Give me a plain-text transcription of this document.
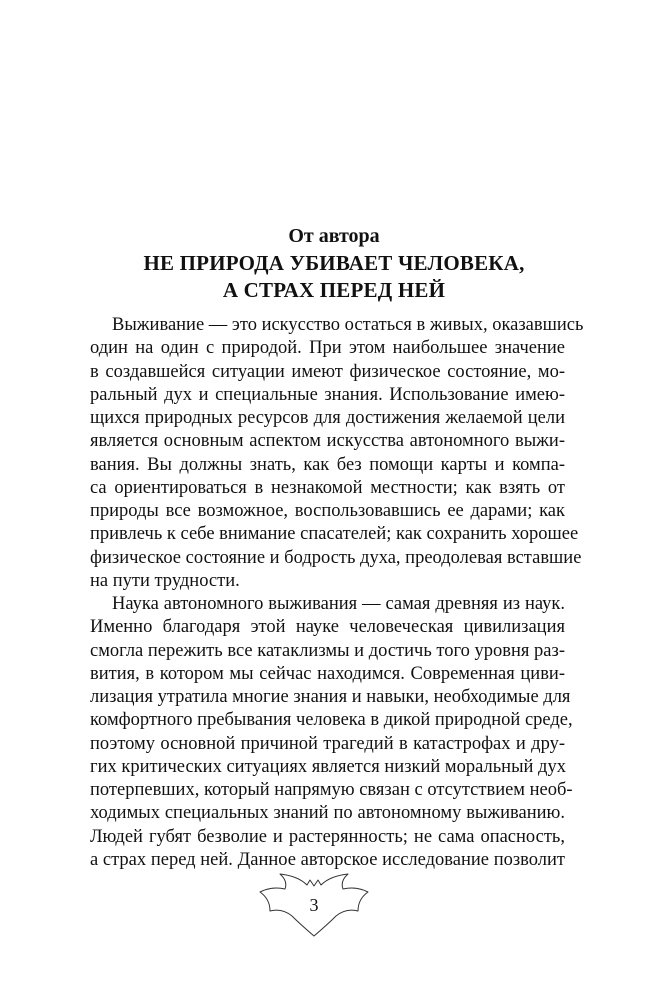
От автора
НЕ ПРИРОДА УБИВАЕТ ЧЕЛОВЕКА,
А СТРАХ ПЕРЕД НЕЙ
Выживание — это искусство остаться в живых, оказавшись
один на один с природой. При этом наибольшее значение
в создавшейся ситуации имеют физическое состояние, мо-
ральный дух и специальные знания. Использование имею-
щихся природных ресурсов для достижения желаемой цели
является основным аспектом искусства автономного выжи-
вания. Вы должны знать, как без помощи карты и компа-
са ориентироваться в незнакомой местности; как взять от
природы все возможное, воспользовавшись ее дарами; как
привлечь к себе внимание спасателей; как сохранить хорошее
физическое состояние и бодрость духа, преодолевая вставшие
на пути трудности.
Наука автономного выживания — самая древняя из наук.
Именно благодаря этой науке человеческая цивилизация
смогла пережить все катаклизмы и достичь того уровня раз-
вития, в котором мы сейчас находимся. Современная циви-
лизация утратила многие знания и навыки, необходимые для
комфортного пребывания человека в дикой природной среде,
поэтому основной причиной трагедий в катастрофах и дру-
гих критических ситуациях является низкий моральный дух
потерпевших, который напрямую связан с отсутствием необ-
ходимых специальных знаний по автономному выживанию.
Людей губят безволие и растерянность; не сама опасность,
а страх перед ней. Данное авторское исследование позволит
3
